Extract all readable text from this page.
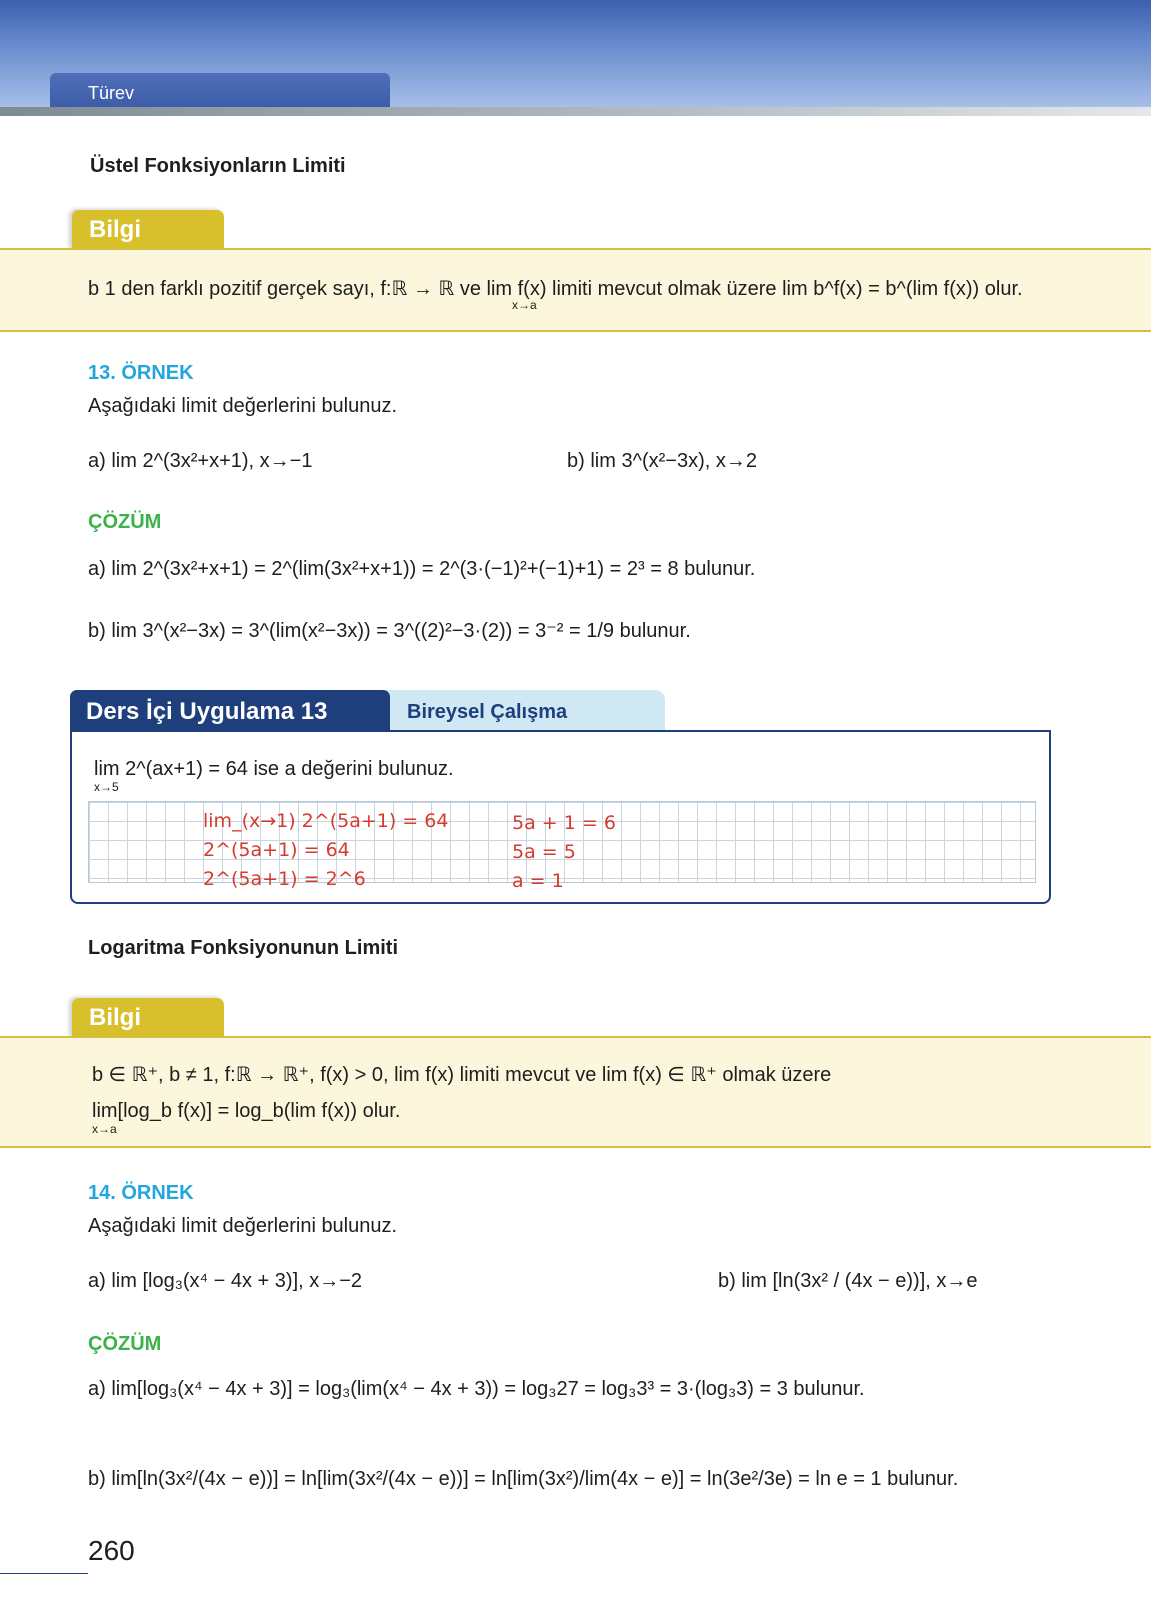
Türev
Üstel Fonksiyonların Limiti
Bilgi
b 1 den farklı pozitif gerçek sayı, f:ℝ → ℝ ve lim f(x) limiti mevcut olmak üzere lim b^f(x) = b^(lim f(x)) olur.
x→a
13. ÖRNEK
Aşağıdaki limit değerlerini bulunuz.
a) lim 2^(3x²+x+1), x→−1	b) lim 3^(x²−3x), x→2
ÇÖZÜM
a) lim 2^(3x²+x+1) = 2^(lim(3x²+x+1)) = 2^(3·(−1)²+(−1)+1) = 2³ = 8 bulunur.
b) lim 3^(x²−3x) = 3^(lim(x²−3x)) = 3^((2)²−3·(2)) = 3⁻² = 1/9 bulunur.
Bireysel Çalışma
Ders İçi Uygulama 13
lim 2^(ax+1) = 64 ise a değerini bulunuz.
x→5
lim_(x→1) 2^(5a+1) = 64
2^(5a+1) = 64
2^(5a+1) = 2^6
5a + 1 = 6
5a = 5
a = 1
Logaritma Fonksiyonunun Limiti
Bilgi
b ∈ ℝ⁺, b ≠ 1, f:ℝ → ℝ⁺, f(x) > 0, lim f(x) limiti mevcut ve lim f(x) ∈ ℝ⁺ olmak üzere
lim[log_b f(x)] = log_b(lim f(x)) olur.
x→a
14. ÖRNEK
Aşağıdaki limit değerlerini bulunuz.
a) lim [log₃(x⁴ − 4x + 3)], x→−2	b) lim [ln(3x² / (4x − e))], x→e
ÇÖZÜM
a) lim[log₃(x⁴ − 4x + 3)] = log₃(lim(x⁴ − 4x + 3)) = log₃27 = log₃3³ = 3·(log₃3) = 3 bulunur.
b) lim[ln(3x²/(4x − e))] = ln[lim(3x²/(4x − e))] = ln[lim(3x²)/lim(4x − e)] = ln(3e²/3e) = ln e = 1 bulunur.
260
